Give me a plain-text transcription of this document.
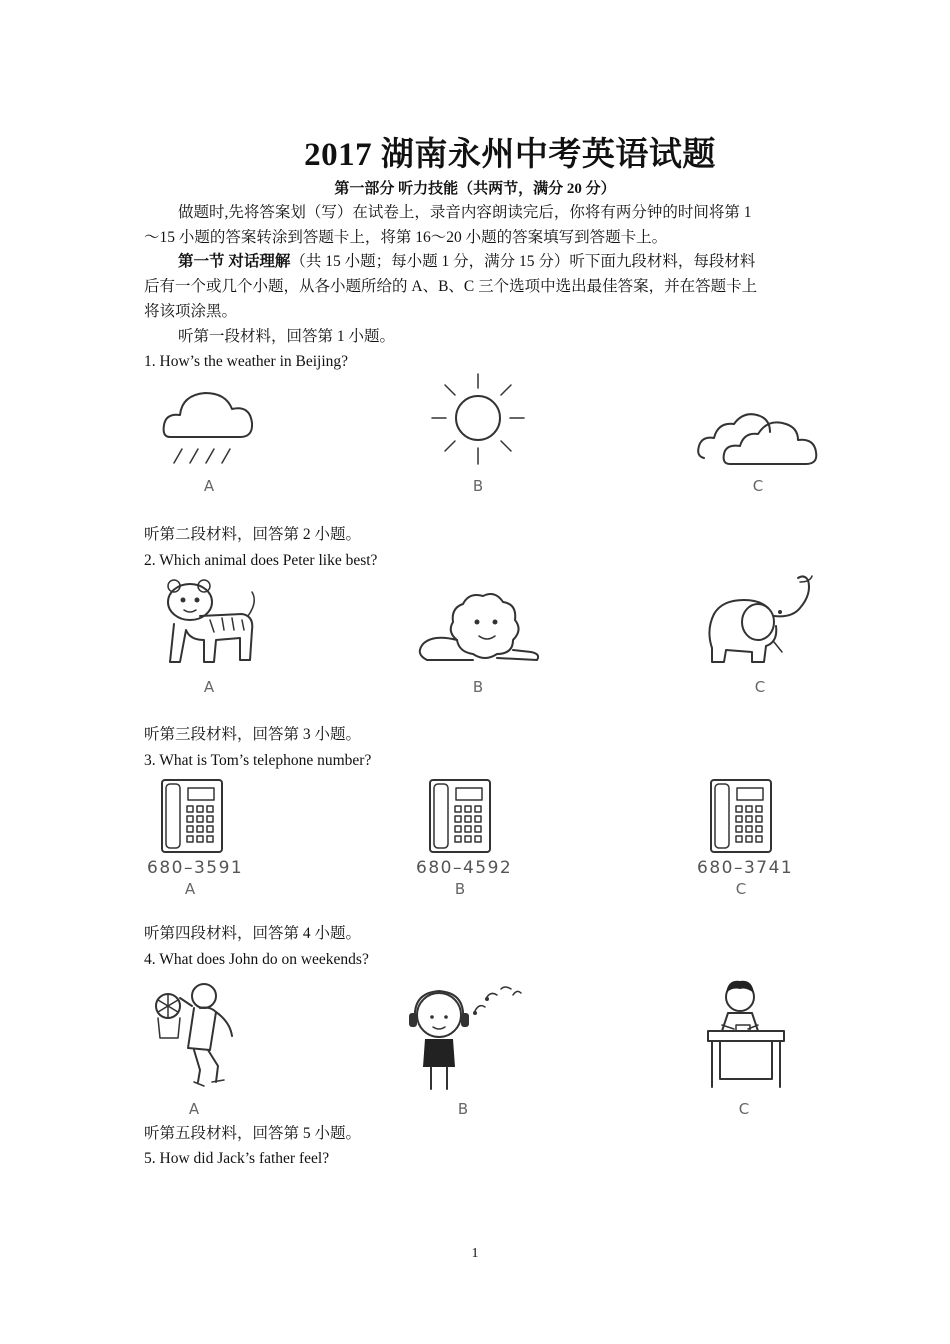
2017 湖南永州中考英语试题
第一部分 听力技能（共两节，满分 20 分）
做题时,先将答案划（写）在试卷上，录音内容朗读完后，你将有两分钟的时间将第 1
～15 小题的答案转涂到答题卡上，将第 16～20 小题的答案填写到答题卡上。
第一节 对话理解（共 15 小题；每小题 1 分，满分 15 分）听下面九段材料，每段材料
后有一个或几个小题，从各小题所给的 A、B、C 三个选项中选出最佳答案，并在答题卡上
将该项涂黑。
听第一段材料，回答第 1 小题。
1. How’s the weather in Beijing?
A	B	C
听第二段材料，回答第 2 小题。
2. Which animal does Peter like best?
A	B	C
听第三段材料，回答第 3 小题。
3. What is Tom’s telephone number?
680–3591
A
680–4592
B
680–3741
C
听第四段材料，回答第 4 小题。
4. What does John do on weekends?
A	B	C
听第五段材料，回答第 5 小题。
5. How did Jack’s father feel?
1
